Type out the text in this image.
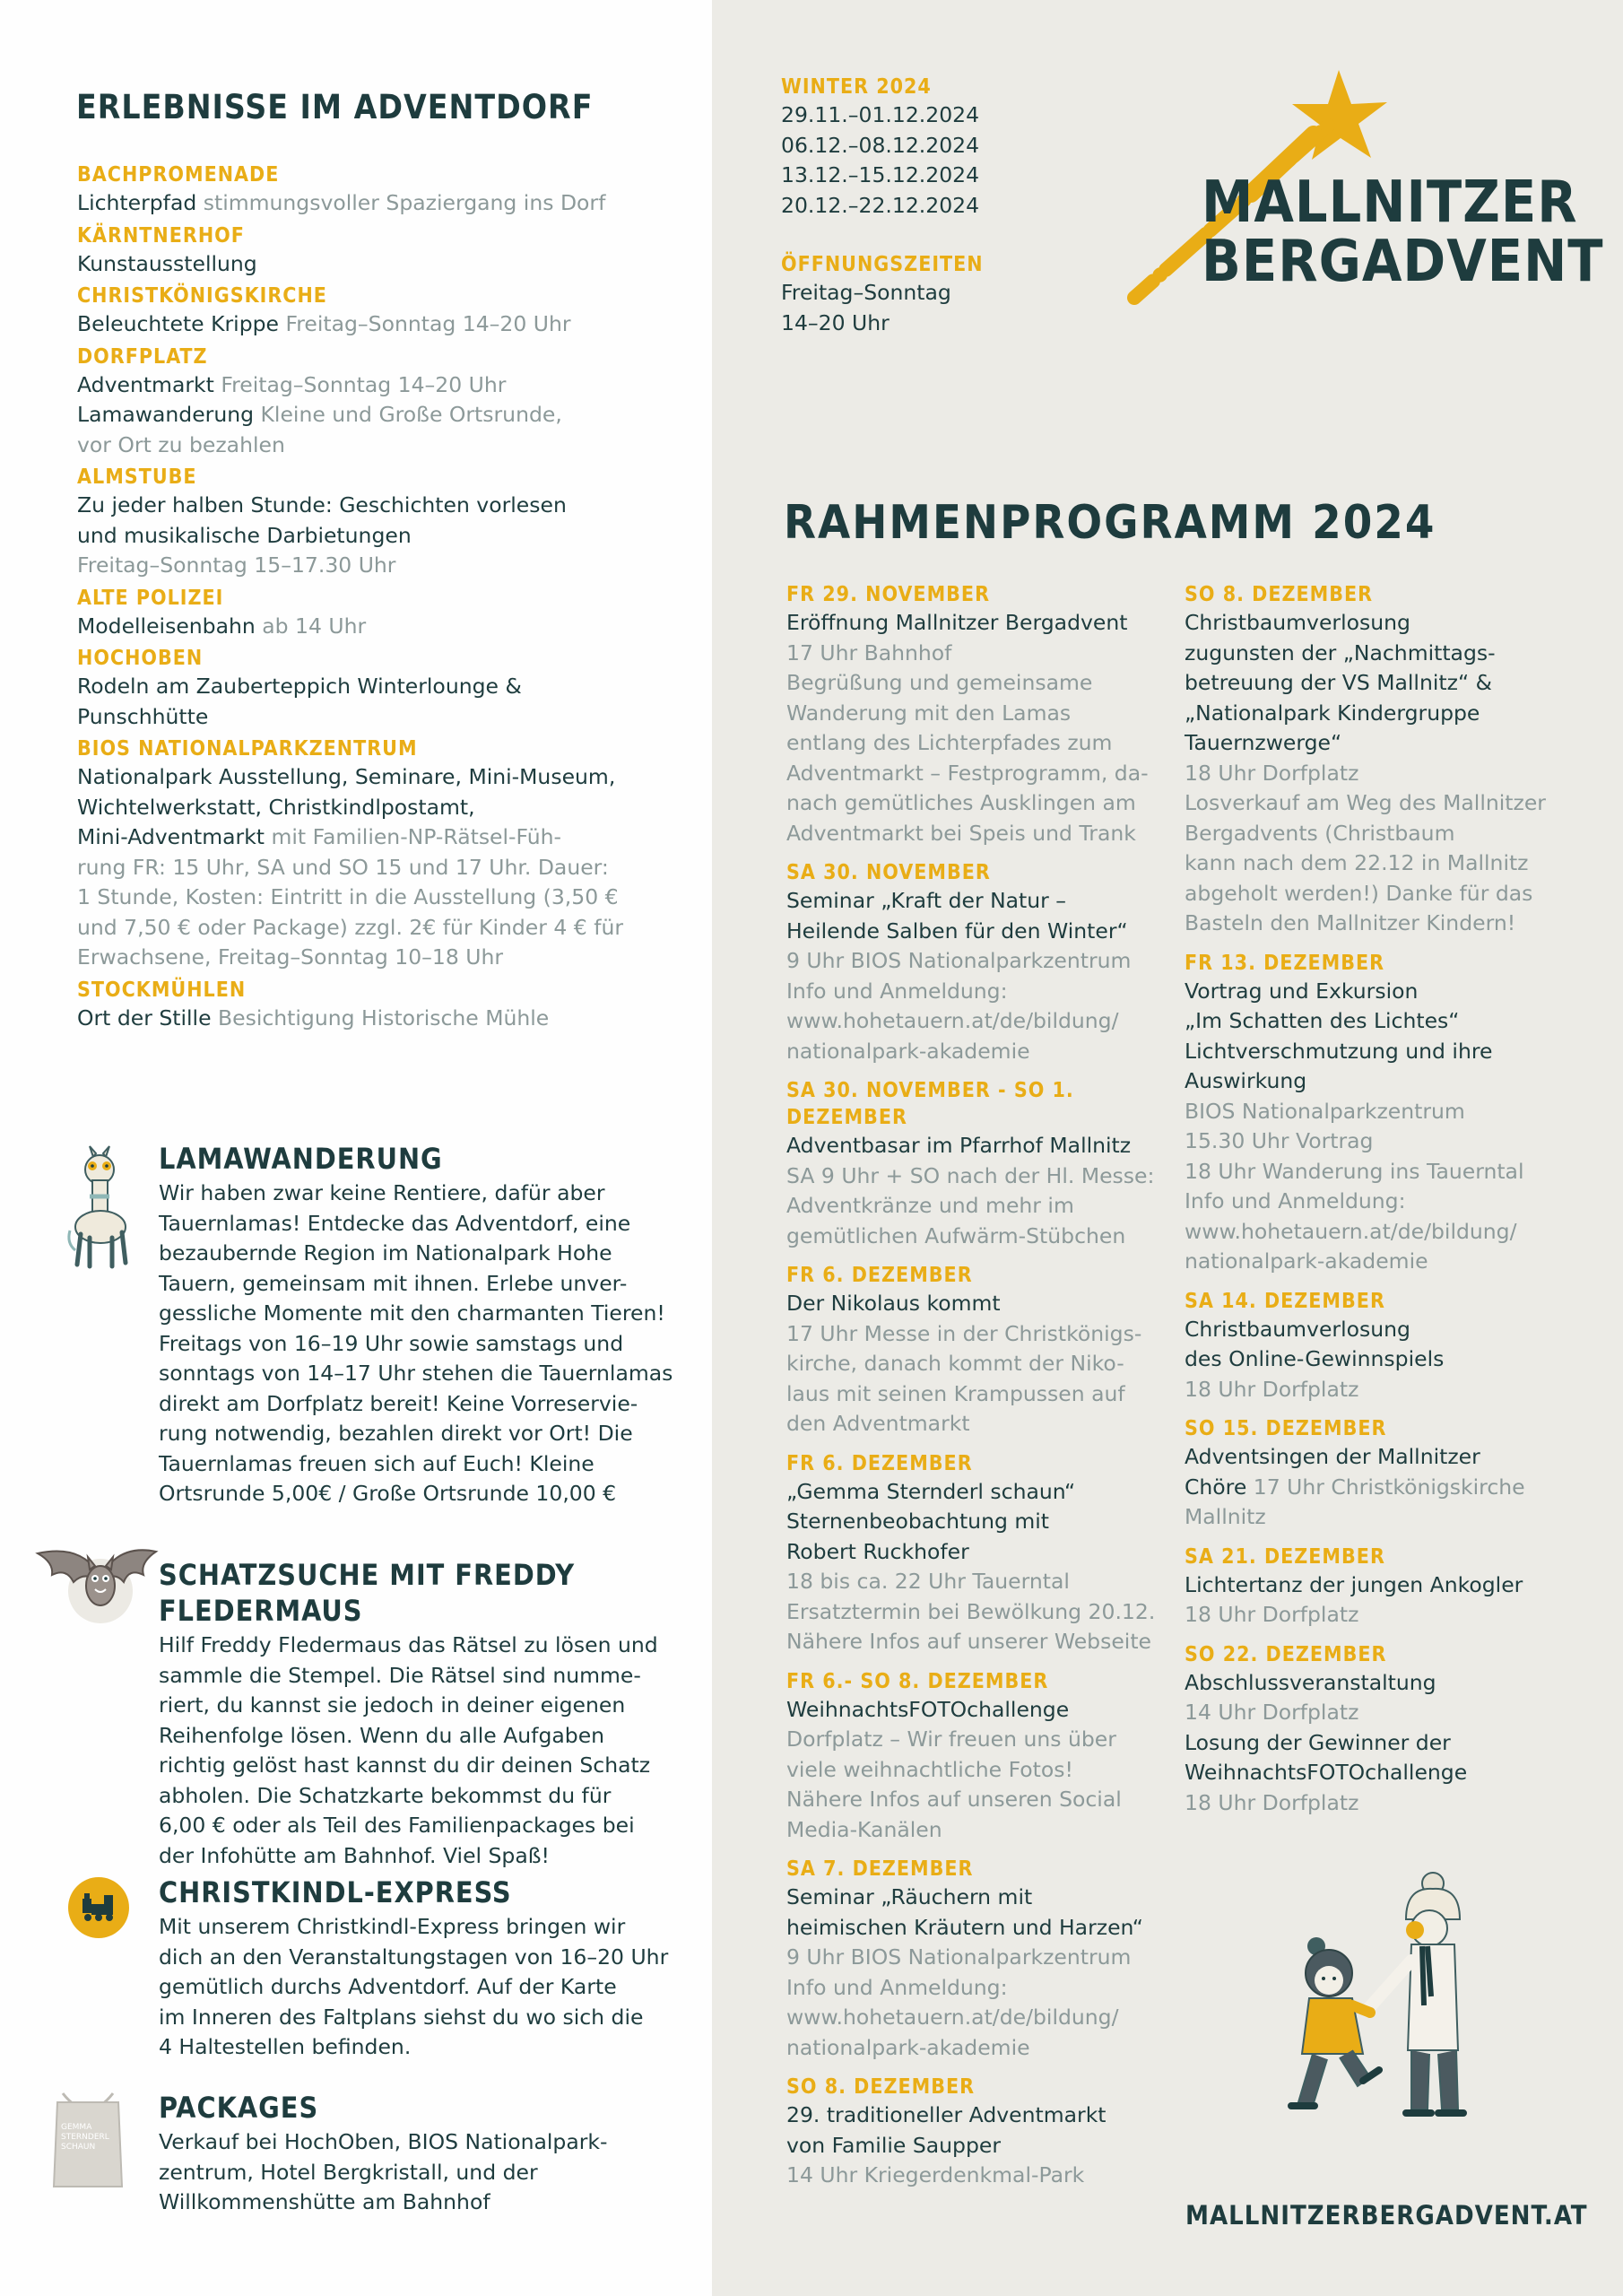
ERLEBNISSE IM ADVENTDORF
BACHPROMENADE
Lichterpfad stimmungsvoller Spaziergang ins Dorf
KÄRNTNERHOF
Kunstausstellung
CHRISTKÖNIGSKIRCHE
Beleuchtete Krippe Freitag–Sonntag 14–20 Uhr
DORFPLATZ
Adventmarkt Freitag–Sonntag 14–20 Uhr
Lamawanderung Kleine und Große Ortsrunde,
vor Ort zu bezahlen
ALMSTUBE
Zu jeder halben Stunde: Geschichten vorlesen
und musikalische Darbietungen
Freitag–Sonntag 15–17.30 Uhr
ALTE POLIZEI
Modelleisenbahn ab 14 Uhr
HOCHOBEN
Rodeln am Zauberteppich Winterlounge &
Punschhütte
BIOS NATIONALPARKZENTRUM
Nationalpark Ausstellung, Seminare, Mini-Museum,
Wichtelwerkstatt, Christkindlpostamt,
Mini-Adventmarkt mit Familien-NP-Rätsel-Füh-
rung FR: 15 Uhr, SA und SO 15 und 17 Uhr. Dauer:
1 Stunde, Kosten: Eintritt in die Ausstellung (3,50 €
und 7,50 € oder Package) zzgl. 2€ für Kinder 4 € für
Erwachsene, Freitag–Sonntag 10–18 Uhr
STOCKMÜHLEN
Ort der Stille Besichtigung Historische Mühle
LAMAWANDERUNG
Wir haben zwar keine Rentiere, dafür aber
Tauernlamas! Entdecke das Adventdorf, eine
bezaubernde Region im Nationalpark Hohe
Tauern, gemeinsam mit ihnen. Erlebe unver-
gessliche Momente mit den charmanten Tieren!
Freitags von 16–19 Uhr sowie samstags und
sonntags von 14–17 Uhr stehen die Tauernlamas
direkt am Dorfplatz bereit! Keine Vorreservie-
rung notwendig, bezahlen direkt vor Ort! Die
Tauernlamas freuen sich auf Euch! Kleine
Ortsrunde 5,00€ / Große Ortsrunde 10,00 €
SCHATZSUCHE MIT FREDDY FLEDERMAUS
Hilf Freddy Fledermaus das Rätsel zu lösen und
sammle die Stempel. Die Rätsel sind numme-
riert, du kannst sie jedoch in deiner eigenen
Reihenfolge lösen. Wenn du alle Aufgaben
richtig gelöst hast kannst du dir deinen Schatz
abholen. Die Schatzkarte bekommst du für
6,00 € oder als Teil des Familienpackages bei
der Infohütte am Bahnhof. Viel Spaß!
CHRISTKINDL-EXPRESS
Mit unserem Christkindl-Express bringen wir
dich an den Veranstaltungstagen von 16–20 Uhr
gemütlich durchs Adventdorf. Auf der Karte
im Inneren des Faltplans siehst du wo sich die
4 Haltestellen befinden.
GEMMA STERNDERL SCHAUN
PACKAGES
Verkauf bei HochOben, BIOS Nationalpark-
zentrum, Hotel Bergkristall, und der
Willkommenshütte am Bahnhof
WINTER 2024
29.11.–01.12.2024
06.12.–08.12.2024
13.12.–15.12.2024
20.12.–22.12.2024
ÖFFNUNGSZEITEN
Freitag–Sonntag
14–20 Uhr
MALLNITZER
BERGADVENT
RAHMENPROGRAMM 2024
FR 29. NOVEMBER
Eröffnung Mallnitzer Bergadvent
17 Uhr Bahnhof
Begrüßung und gemeinsame
Wanderung mit den Lamas
entlang des Lichterpfades zum
Adventmarkt – Festprogramm, da-
nach gemütliches Ausklingen am
Adventmarkt bei Speis und Trank
SA 30. NOVEMBER
Seminar „Kraft der Natur –
Heilende Salben für den Winter“
9 Uhr BIOS Nationalparkzentrum
Info und Anmeldung:
www.hohetauern.at/de/bildung/
nationalpark-akademie
SA 30. NOVEMBER - SO 1. DEZEMBER
Adventbasar im Pfarrhof Mallnitz
SA 9 Uhr + SO nach der Hl. Messe:
Adventkränze und mehr im
gemütlichen Aufwärm-Stübchen
FR 6. DEZEMBER
Der Nikolaus kommt
17 Uhr Messe in der Christkönigs-
kirche, danach kommt der Niko-
laus mit seinen Krampussen auf
den Adventmarkt
FR 6. DEZEMBER
„Gemma Sternderl schaun“
Sternenbeobachtung mit
Robert Ruckhofer
18 bis ca. 22 Uhr Tauerntal
Ersatztermin bei Bewölkung 20.12.
Nähere Infos auf unserer Webseite
FR 6.- SO 8. DEZEMBER
WeihnachtsFOTOchallenge
Dorfplatz – Wir freuen uns über
viele weihnachtliche Fotos!
Nähere Infos auf unseren Social
Media-Kanälen
SA 7. DEZEMBER
Seminar „Räuchern mit
heimischen Kräutern und Harzen“
9 Uhr BIOS Nationalparkzentrum
Info und Anmeldung:
www.hohetauern.at/de/bildung/
nationalpark-akademie
SO 8. DEZEMBER
29. traditioneller Adventmarkt
von Familie Saupper
14 Uhr Kriegerdenkmal-Park
SO 8. DEZEMBER
Christbaumverlosung
zugunsten der „Nachmittags-
betreuung der VS Mallnitz“ &
„Nationalpark Kindergruppe
Tauernzwerge“
18 Uhr Dorfplatz
Losverkauf am Weg des Mallnitzer
Bergadvents (Christbaum
kann nach dem 22.12 in Mallnitz
abgeholt werden!) Danke für das
Basteln den Mallnitzer Kindern!
FR 13. DEZEMBER
Vortrag und Exkursion
„Im Schatten des Lichtes“
Lichtverschmutzung und ihre
Auswirkung
BIOS Nationalparkzentrum
15.30 Uhr Vortrag
18 Uhr Wanderung ins Tauerntal
Info und Anmeldung:
www.hohetauern.at/de/bildung/
nationalpark-akademie
SA 14. DEZEMBER
Christbaumverlosung
des Online-Gewinnspiels
18 Uhr Dorfplatz
SO 15. DEZEMBER
Adventsingen der Mallnitzer
Chöre 17 Uhr Christkönigskirche
Mallnitz
SA 21. DEZEMBER
Lichtertanz der jungen Ankogler
18 Uhr Dorfplatz
SO 22. DEZEMBER
Abschlussveranstaltung
14 Uhr Dorfplatz
Losung der Gewinner der
WeihnachtsFOTOchallenge
18 Uhr Dorfplatz
MALLNITZERBERGADVENT.AT
